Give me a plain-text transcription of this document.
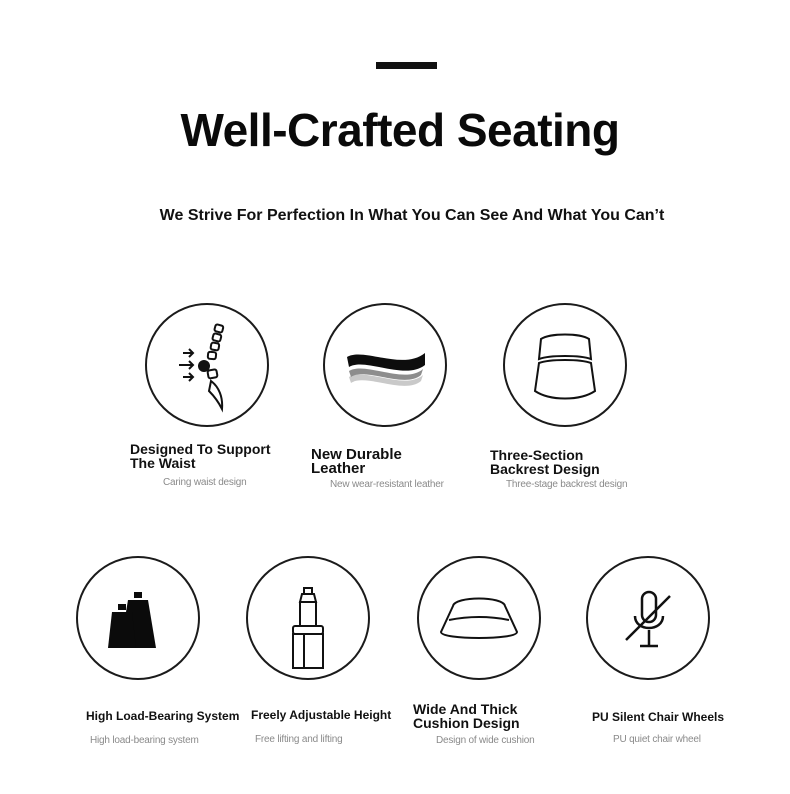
Well-Crafted Seating
We Strive For Perfection In What You Can See And What You Can’t
Designed To Support The Waist
Caring waist design
New Durable Leather
New wear-resistant leather
Three-Section Backrest Design
Three-stage backrest design
High Load-Bearing System
High load-bearing system
Freely Adjustable Height
Free lifting and lifting
Wide And Thick Cushion Design
Design of wide cushion
PU Silent Chair Wheels
PU quiet chair wheel
